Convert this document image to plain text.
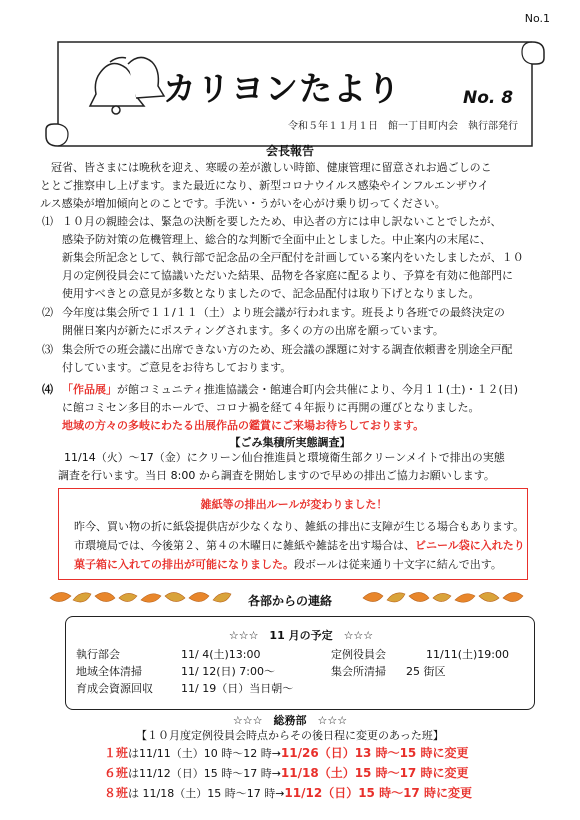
No.1
カリヨンたより	No. 8
令和５年１１月１日　館一丁目町内会　執行部発行
会長報告

冠省、皆さまには晩秋を迎え、寒暖の差が激しい時節、健康管理に留意されお過ごしのこ

ととご推察申し上げます。また最近になり、新型コロナウイルス感染やインフルエンザウイ

ルス感染が増加傾向とのことです。手洗い・うがいを心がけ乗り切ってください。

⑴ １０月の親睦会は、緊急の決断を要したため、申込者の方には申し訳ないことでしたが、

感染予防対策の危機管理上、総合的な判断で全面中止としました。中止案内の末尾に、

新集会所記念として、執行部で記念品の全戸配付を計画している案内をいたしましたが、１０

月の定例役員会にて協議いただいた結果、品物を各家庭に配るより、予算を有効に他部門に

使用すべきとの意見が多数となりましたので、記念品配付は取り下げとなりました。

⑵ 今年度は集会所で１１/１１（土）より班会議が行われます。班長より各班での最終決定の

開催日案内が新たにポスティングされます。多くの方の出席を願っています。

⑶ 集会所での班会議に出席できない方のため、班会議の課題に対する調査依頼書を別途全戸配

付しています。ご意見をお待ちしております。

⑷ 「作品展」が館コミュニティ推進協議会・館連合町内会共催により、今月１１(土)・１２(日)

に館コミセン多目的ホールで、コロナ禍を経て４年振りに再開の運びとなりました。

地域の方々の多岐にわたる出展作品の鑑賞にご来場お待ちしております。

【ごみ集積所実態調査】

11/14（火）～17（金）にクリーン仙台推進員と環境衛生部クリーンメイトで排出の実態

調査を行います。当日 8:00 から調査を開始しますので早めの排出ご協力お願いします。

雑紙等の排出ルールが変わりました！

昨今、買い物の折に紙袋提供店が少なくなり、雑紙の排出に支障が生じる場合もあります。

市環境局では、今後第２、第４の木曜日に雑紙や雑誌を出す場合は、ビニール袋に入れたり

菓子箱に入れての排出が可能になりました。段ボールは従来通り十文字に結んで出す。

各部からの連絡
☆☆☆　11 月の予定　☆☆☆
執行部会	11/ 4(土)13:00	定例役員会	11/11(土)19:00
地域全体清掃	11/ 12(日) 7:00～	集会所清掃 25 街区
育成会資源回収	11/ 19（日）当日朝～
☆☆☆　総務部　☆☆☆
【１０月度定例役員会時点からその後日程に変更のあった班】
１班は11/11（土）10 時～12 時→11/26（日）13 時～15 時に変更
６班は11/12（日）15 時～17 時→11/18（土）15 時～17 時に変更
８班は 11/18（土）15 時～17 時→11/12（日）15 時～17 時に変更
